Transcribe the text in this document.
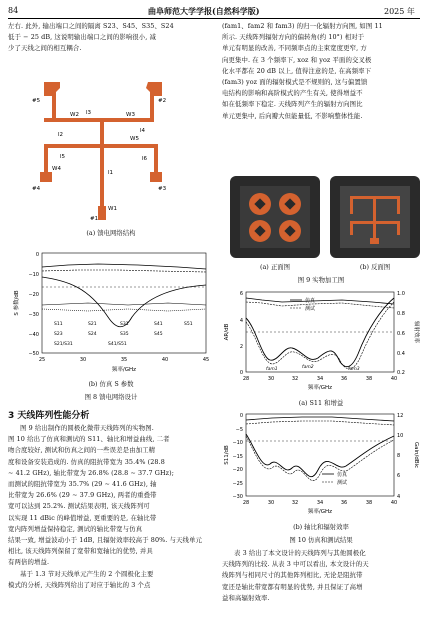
84	曲阜师范大学学报(自然科学版)	2025 年
左右. 此外, 输出端口之间的隔离 S23、S45、S35、S24
低于 − 25 dB, 这说明输出端口之间的影响很小, 减
少了天线之间的相互耦合.
#5	#2
#4	#3
#1
W1
W2	W3
W4
W5
l1
l2
l3
l4
l5	l6
(a) 馈电网络结构
0
−10
−20
−30
−40
−50
25	30	35	40	45
频率/GHz
S 参数/dB
S11	S21	S31	S41	S51
S23	S24	S35	S45
S21/S31	S41/S51
(b) 仿真 S 参数
图 8 馈电网络设计
3 天线阵列性能分析
图 9 给出制作的圆极化微带天线阵列的实物图.
图 10 给出了仿真和测试的 S11、轴比和增益曲线, 二者
吻合度较好, 测试和仿真之间的一些误差是由加工精
度和设备安装造成的. 仿真的阻抗带宽为 35.4% (28.8
∼ 41.2 GHz), 轴比带宽为 26.8% (28.8 ∼ 37.7 GHz);
而测试的阻抗带宽为 35.7% (29 ∼ 41.6 GHz), 轴
比带宽为 26.6% (29 ∼ 37.9 GHz), 两者的重叠带
宽可以达到 25.2%. 测试结果表明, 该天线阵列可
以实现 11 dBic 的峰值增益, 更重要的是, 在轴比带
宽内阵列增益保持稳定, 测试的轴比带宽与仿真
结果一致, 增益波动小于 1dB, 且辐射效率较高于 80%. 与天线单元
相比, 该天线阵列保留了宽带和宽轴比的优势, 并具
有两倍的增益.
基于 1.3 节对天线单元产生的 2 个圆极化主要
模式的分析, 天线阵列给出了对应于轴比的 3 个点
(fam1、fam2 和 fam3) 的归一化辐射方向图, 如图 11
所示. 天线阵列辐射方向的偏转角(约 10°) 相对于
单元有明显的改善, 不同频率点的主束宽度更窄, 方
向更集中. 在 3 个频率下, xoz 和 yoz 平面的交叉极
化水平都在 20 dB 以上, 值得注意的是, 在高频率下
(fam3) yoz 面的辐射模式是不规则的, 这与偏置馈
电结构的影响和高阶模式的产生有关, 使得增益不
如在低频率下稳定. 天线阵列产生的辐射方向图比
单元更集中, 后向瓣大但能量低, 不影响整体性能.
(a) 正面图	(b) 反面图
图 9 实物加工图
6
4
2
0
1.0
0.8
0.6
0.4
0.2
28	30	32	34	36	38	40
频率/GHz
AR/dB	辐射效率
fam1	fam2	fam3
仿真
测试
(a) S11 和增益
0
−5
−10
−15
−20
−25
−30
12
10
8
6
4
28	30	32	34	36	38	40
频率/GHz
S11/dB	Gain/dBic
仿真
测试
(b) 轴比和辐射效率
图 10 仿真和测试结果
表 3 给出了本文设计的天线阵列与其他圆极化
天线阵列的比较. 从表 3 中可以看出, 本文设计的天
线阵列与相同尺寸的其他阵列相比, 无论是阻抗带
宽还是轴比带宽都有明显的优势, 并且保证了高增
益和高辐射效率.
